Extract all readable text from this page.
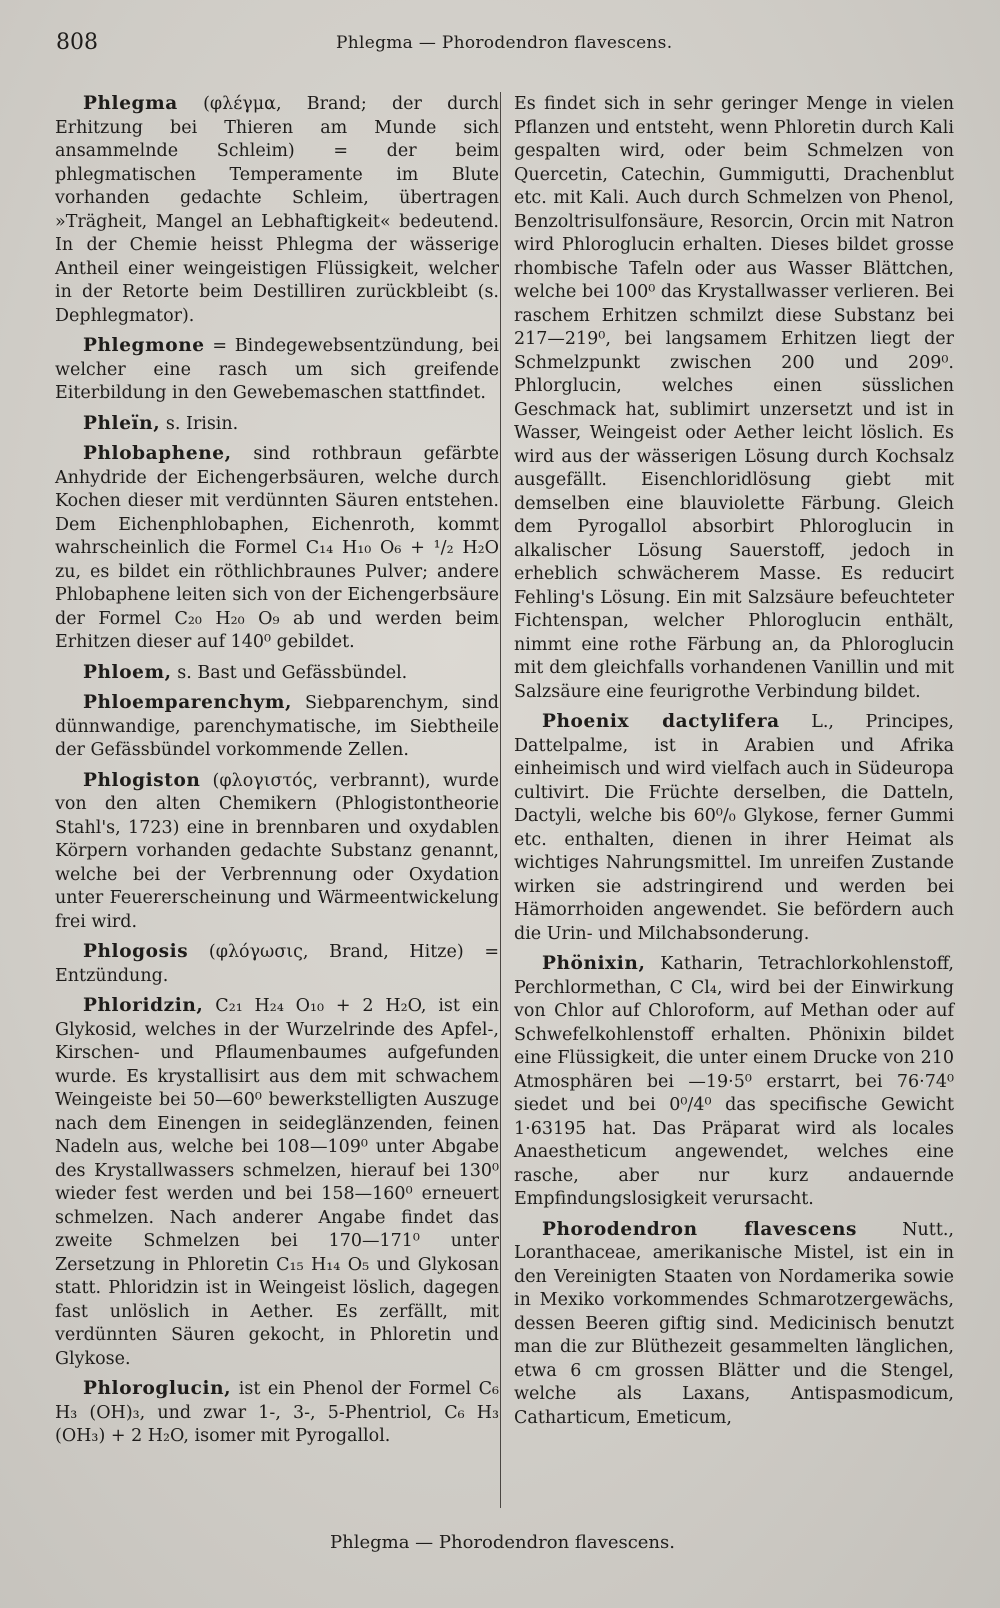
808	Phlegma — Phorodendron flavescens.

Phlegma (φλέγμα, Brand; der durch Erhitzung bei Thieren am Munde sich ansammelnde Schleim) = der beim phlegmatischen Temperamente im Blute vorhanden gedachte Schleim, übertragen »Trägheit, Mangel an Lebhaftigkeit« bedeutend. In der Chemie heisst Phlegma der wässerige Antheil einer weingeistigen Flüssigkeit, welcher in der Retorte beim Destilliren zurückbleibt (s. Dephlegmator).

Phlegmone = Bindegewebsentzündung, bei welcher eine rasch um sich greifende Eiterbildung in den Gewebemaschen stattfindet.

Phleïn, s. Irisin.

Phlobaphene, sind rothbraun gefärbte Anhydride der Eichengerbsäuren, welche durch Kochen dieser mit verdünnten Säuren entstehen. Dem Eichenphlobaphen, Eichenroth, kommt wahrscheinlich die Formel C₁₄ H₁₀ O₆ + ¹/₂ H₂O zu, es bildet ein röthlichbraunes Pulver; andere Phlobaphene leiten sich von der Eichengerbsäure der Formel C₂₀ H₂₀ O₉ ab und werden beim Erhitzen dieser auf 140⁰ gebildet.

Phloem, s. Bast und Gefässbündel.

Phloemparenchym, Siebparenchym, sind dünnwandige, parenchymatische, im Siebtheile der Gefässbündel vorkommende Zellen.

Phlogiston (φλογιστός, verbrannt), wurde von den alten Chemikern (Phlogistontheorie Stahl's, 1723) eine in brennbaren und oxydablen Körpern vorhanden gedachte Substanz genannt, welche bei der Verbrennung oder Oxydation unter Feuererscheinung und Wärmeentwickelung frei wird.

Phlogosis (φλόγωσις, Brand, Hitze) = Entzündung.

Phloridzin, C₂₁ H₂₄ O₁₀ + 2 H₂O, ist ein Glykosid, welches in der Wurzelrinde des Apfel-, Kirschen- und Pflaumenbaumes aufgefunden wurde. Es krystallisirt aus dem mit schwachem Weingeiste bei 50—60⁰ bewerkstelligten Auszuge nach dem Einengen in seideglänzenden, feinen Nadeln aus, welche bei 108—109⁰ unter Abgabe des Krystallwassers schmelzen, hierauf bei 130⁰ wieder fest werden und bei 158—160⁰ erneuert schmelzen. Nach anderer Angabe findet das zweite Schmelzen bei 170—171⁰ unter Zersetzung in Phloretin C₁₅ H₁₄ O₅ und Glykosan statt. Phloridzin ist in Weingeist löslich, dagegen fast unlöslich in Aether. Es zerfällt, mit verdünnten Säuren gekocht, in Phloretin und Glykose.

Phloroglucin, ist ein Phenol der Formel C₆ H₃ (OH)₃, und zwar 1-, 3-, 5-Phentriol, C₆ H₃ (OH₃) + 2 H₂O, isomer mit Pyrogallol.

Es findet sich in sehr geringer Menge in vielen Pflanzen und entsteht, wenn Phloretin durch Kali gespalten wird, oder beim Schmelzen von Quercetin, Catechin, Gummigutti, Drachenblut etc. mit Kali. Auch durch Schmelzen von Phenol, Benzoltrisulfonsäure, Resorcin, Orcin mit Natron wird Phloroglucin erhalten. Dieses bildet grosse rhombische Tafeln oder aus Wasser Blättchen, welche bei 100⁰ das Krystallwasser verlieren. Bei raschem Erhitzen schmilzt diese Substanz bei 217—219⁰, bei langsamem Erhitzen liegt der Schmelzpunkt zwischen 200 und 209⁰. Phlorglucin, welches einen süsslichen Geschmack hat, sublimirt unzersetzt und ist in Wasser, Weingeist oder Aether leicht löslich. Es wird aus der wässerigen Lösung durch Kochsalz ausgefällt. Eisenchloridlösung giebt mit demselben eine blauviolette Färbung. Gleich dem Pyrogallol absorbirt Phloroglucin in alkalischer Lösung Sauerstoff, jedoch in erheblich schwächerem Masse. Es reducirt Fehling's Lösung. Ein mit Salzsäure befeuchteter Fichtenspan, welcher Phloroglucin enthält, nimmt eine rothe Färbung an, da Phloroglucin mit dem gleichfalls vorhandenen Vanillin und mit Salzsäure eine feurigrothe Verbindung bildet.

Phoenix dactylifera L., Principes, Dattelpalme, ist in Arabien und Afrika einheimisch und wird vielfach auch in Südeuropa cultivirt. Die Früchte derselben, die Datteln, Dactyli, welche bis 60⁰/₀ Glykose, ferner Gummi etc. enthalten, dienen in ihrer Heimat als wichtiges Nahrungsmittel. Im unreifen Zustande wirken sie adstringirend und werden bei Hämorrhoiden angewendet. Sie befördern auch die Urin- und Milchabsonderung.

Phönixin, Katharin, Tetrachlorkohlenstoff, Perchlormethan, C Cl₄, wird bei der Einwirkung von Chlor auf Chloroform, auf Methan oder auf Schwefelkohlenstoff erhalten. Phönixin bildet eine Flüssigkeit, die unter einem Drucke von 210 Atmosphären bei —19·5⁰ erstarrt, bei 76·74⁰ siedet und bei 0⁰/4⁰ das specifische Gewicht 1·63195 hat. Das Präparat wird als locales Anaestheticum angewendet, welches eine rasche, aber nur kurz andauernde Empfindungslosigkeit verursacht.

Phorodendron flavescens Nutt., Loranthaceae, amerikanische Mistel, ist ein in den Vereinigten Staaten von Nordamerika sowie in Mexiko vorkommendes Schmarotzergewächs, dessen Beeren giftig sind. Medicinisch benutzt man die zur Blüthezeit gesammelten länglichen, etwa 6 cm grossen Blätter und die Stengel, welche als Laxans, Antispasmodicum, Catharticum, Emeticum,

Phlegma — Phorodendron flavescens.
